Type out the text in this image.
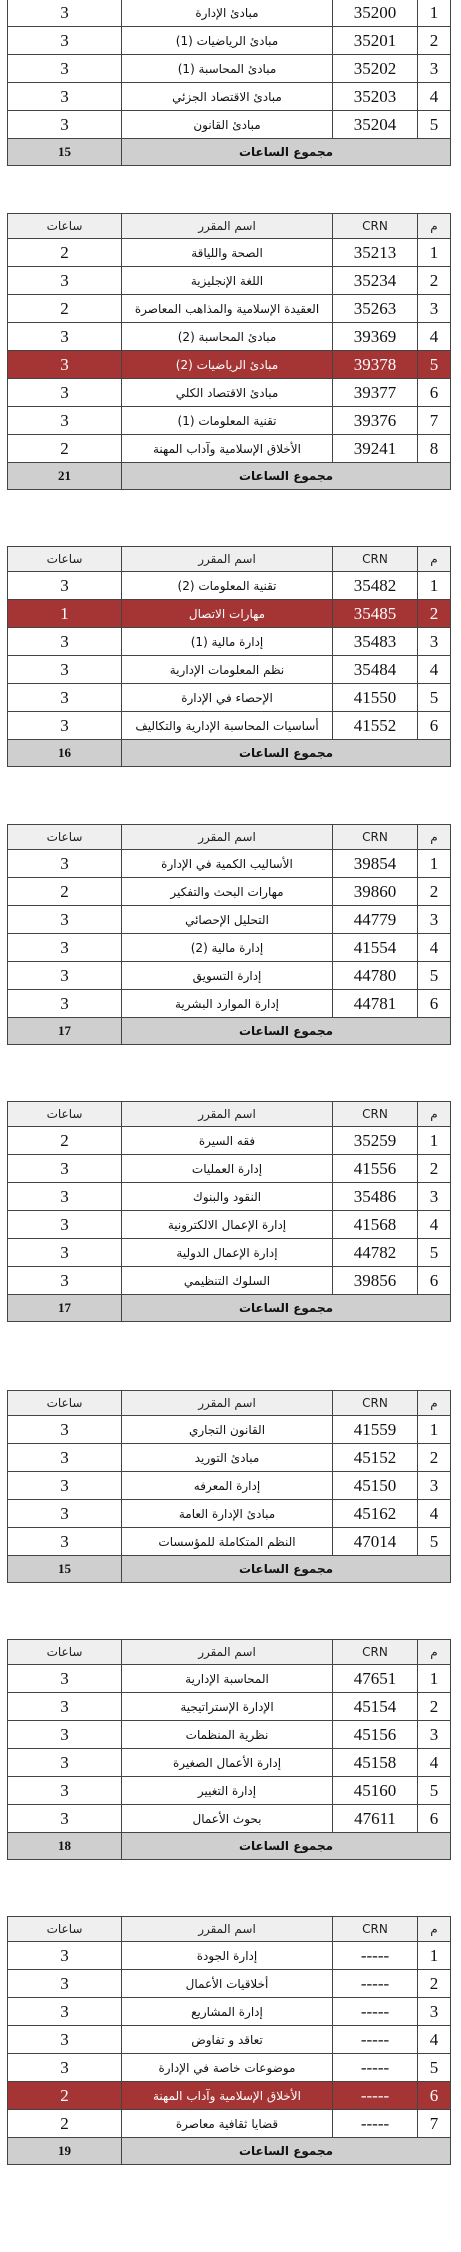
1	35200	مبادئ الإدارة	3
2	35201	مبادئ الرياضيات (1)	3
3	35202	مبادئ المحاسبة (1)	3
4	35203	مبادئ الاقتصاد الجزئي	3
5	35204	مبادئ القانون	3
مجموع الساعات			15
م	CRN	اسم المقرر	ساعات
1	35213	الصحة واللياقة	2
2	35234	اللغة الإنجليزية	3
3	35263	العقيدة الإسلامية والمذاهب المعاصرة	2
4	39369	مبادئ المحاسبة (2)	3
5	39378	مبادئ الرياضيات (2)	3
6	39377	مبادئ الاقتصاد الكلي	3
7	39376	تقنية المعلومات (1)	3
8	39241	الأخلاق الإسلامية وآداب المهنة	2
مجموع الساعات			21
م	CRN	اسم المقرر	ساعات
1	35482	تقنية المعلومات (2)	3
2	35485	مهارات الاتصال	1
3	35483	إدارة مالية (1)	3
4	35484	نظم المعلومات الإدارية	3
5	41550	الإحصاء في الإدارة	3
6	41552	أساسيات المحاسبة الإدارية والتكاليف	3
مجموع الساعات			16
م	CRN	اسم المقرر	ساعات
1	39854	الأساليب الكمية في الإدارة	3
2	39860	مهارات البحث والتفكير	2
3	44779	التحليل الإحصائي	3
4	41554	إدارة مالية (2)	3
5	44780	إدارة التسويق	3
6	44781	إدارة الموارد البشرية	3
مجموع الساعات			17
م	CRN	اسم المقرر	ساعات
1	35259	فقه السيرة	2
2	41556	إدارة العمليات	3
3	35486	النقود والبنوك	3
4	41568	إدارة الإعمال الالكترونية	3
5	44782	إدارة الإعمال الدولية	3
6	39856	السلوك التنظيمي	3
مجموع الساعات			17
م	CRN	اسم المقرر	ساعات
1	41559	القانون التجاري	3
2	45152	مبادئ التوريد	3
3	45150	إدارة المعرفه	3
4	45162	مبادئ الإدارة العامة	3
5	47014	النظم المتكاملة للمؤسسات	3
مجموع الساعات			15
م	CRN	اسم المقرر	ساعات
1	47651	المحاسبة الإدارية	3
2	45154	الإدارة الإستراتيجية	3
3	45156	نظرية المنظمات	3
4	45158	إدارة الأعمال الصغيرة	3
5	45160	إدارة التغيير	3
6	47611	بحوث الأعمال	3
مجموع الساعات			18
م	CRN	اسم المقرر	ساعات
1	-----	إدارة الجودة	3
2	-----	أخلاقيات الأعمال	3
3	-----	إدارة المشاريع	3
4	-----	تعاقد و تفاوض	3
5	-----	موضوعات خاصة في الإدارة	3
6	-----	الأخلاق الإسلامية وآداب المهنة	2
7	-----	قضايا ثقافية معاصرة	2
مجموع الساعات			19
